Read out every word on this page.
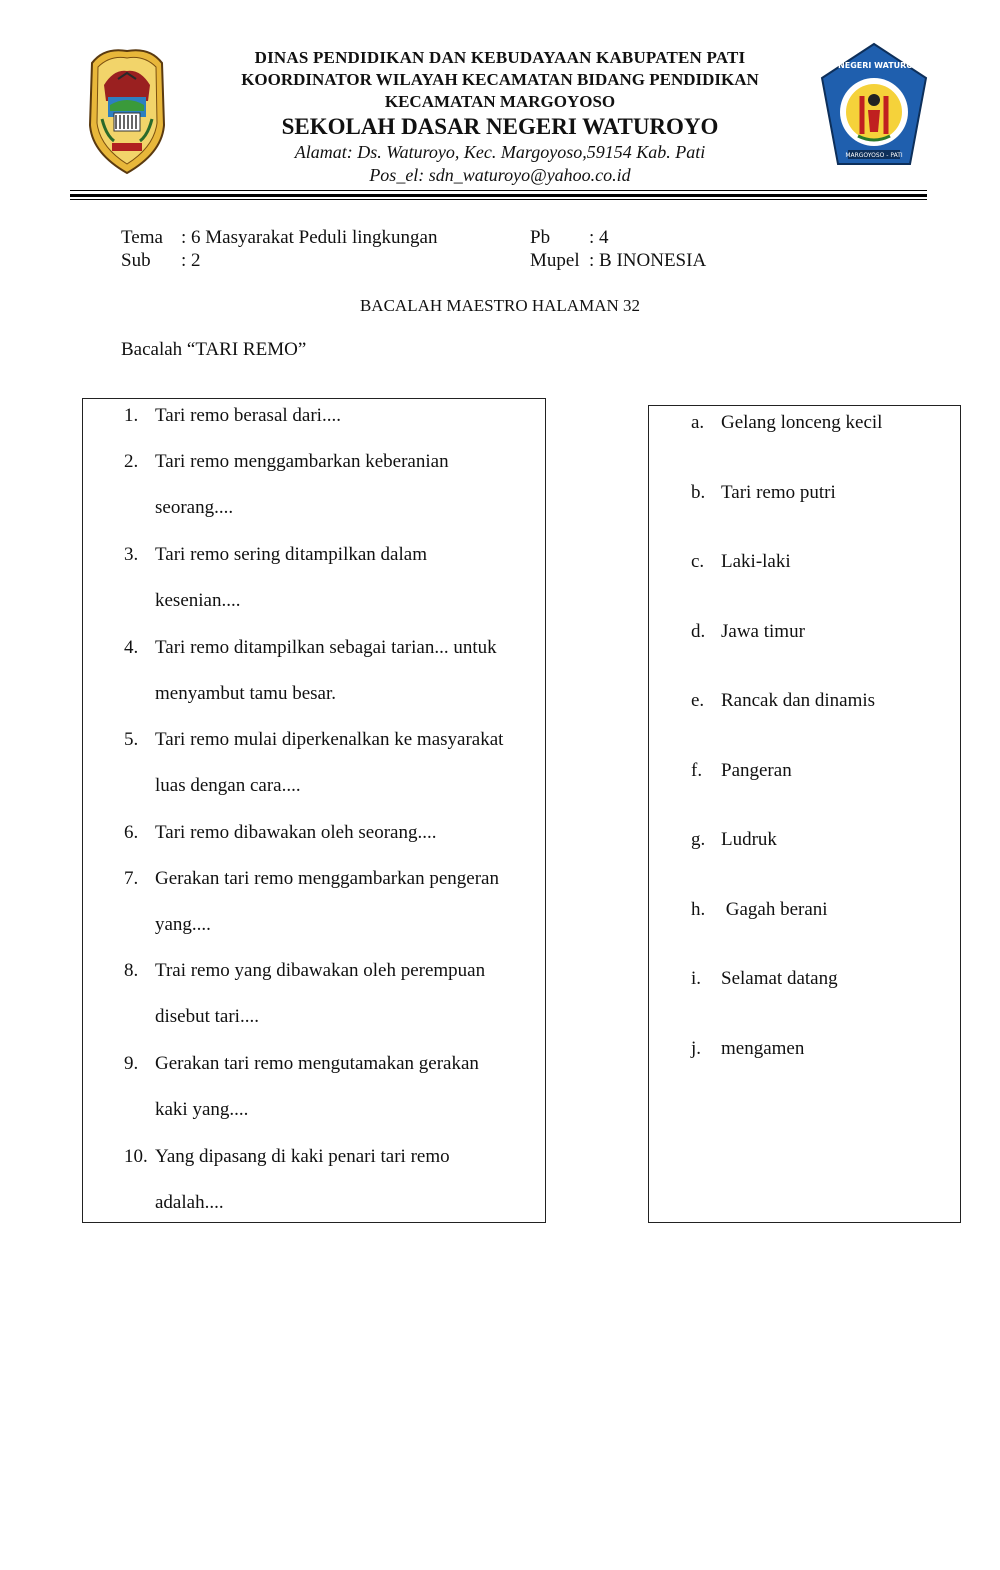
SD NEGERI WATUROYO
MARGOYOSO - PATI
DINAS PENDIDIKAN DAN KEBUDAYAAN KABUPATEN PATI
KOORDINATOR WILAYAH KECAMATAN BIDANG PENDIDIKAN
KECAMATAN MARGOYOSO
SEKOLAH DASAR NEGERI WATUROYO
Alamat: Ds. Waturoyo, Kec. Margoyoso,59154 Kab. Pati
Pos_el: sdn_waturoyo@yahoo.co.id
Tema : 6 Masyarakat Peduli lingkungan
Sub : 2
Pb : 4
Mupel : B INONESIA
BACALAH MAESTRO HALAMAN 32
Bacalah “TARI REMO”
1. Tari remo berasal dari....
2. Tari remo menggambarkan keberanian
seorang....
3. Tari remo sering ditampilkan dalam
kesenian....
4. Tari remo ditampilkan sebagai tarian... untuk
menyambut tamu besar.
5. Tari remo mulai diperkenalkan ke masyarakat
luas dengan cara....
6. Tari remo dibawakan oleh seorang....
7. Gerakan tari remo menggambarkan pengeran
yang....
8. Trai remo yang dibawakan oleh perempuan
disebut tari....
9. Gerakan tari remo mengutamakan gerakan
kaki yang....
10. Yang dipasang di kaki penari tari remo
adalah....
a. Gelang lonceng kecil
b. Tari remo putri
c. Laki-laki
d. Jawa timur
e. Rancak dan dinamis
f. Pangeran
g. Ludruk
h. Gagah berani
i. Selamat datang
j. mengamen
